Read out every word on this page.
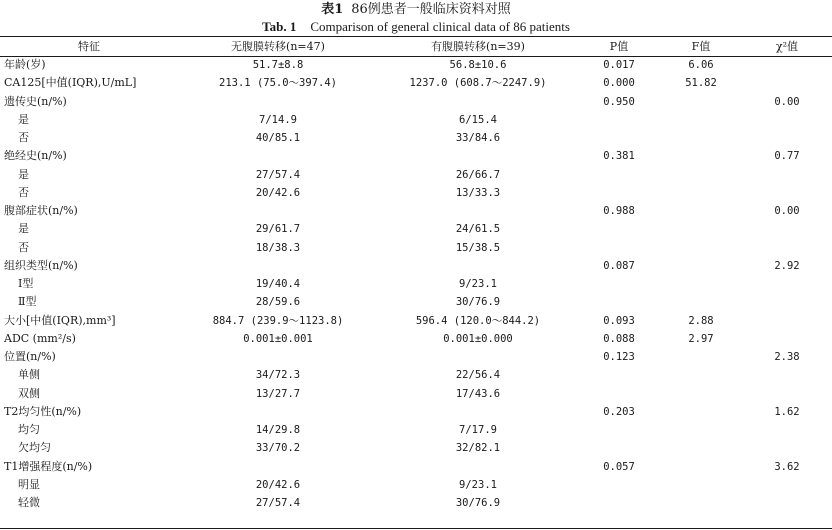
表1 86例患者一般临床资料对照
Tab. 1 Comparison of general clinical data of 86 patients
特征	无腹膜转移(n=47)	有腹膜转移(n=39)	P值	F值	χ²值
年龄(岁)	51.7±8.8	56.8±10.6	0.017	6.06	
CA125[中值(IQR),U/mL]	213.1 (75.0～397.4)	1237.0 (608.7～2247.9)	0.000	51.82	
遗传史(n/%)			0.950		0.00
是	7/14.9	6/15.4			
否	40/85.1	33/84.6			
绝经史(n/%)			0.381		0.77
是	27/57.4	26/66.7			
否	20/42.6	13/33.3			
腹部症状(n/%)			0.988		0.00
是	29/61.7	24/61.5			
否	18/38.3	15/38.5			
组织类型(n/%)			0.087		2.92
Ⅰ型	19/40.4	9/23.1			
Ⅱ型	28/59.6	30/76.9			
大小[中值(IQR),mm³]	884.7 (239.9～1123.8)	596.4 (120.0～844.2)	0.093	2.88	
ADC (mm²/s)	0.001±0.001	0.001±0.000	0.088	2.97	
位置(n/%)			0.123		2.38
单侧	34/72.3	22/56.4			
双侧	13/27.7	17/43.6			
T2均匀性(n/%)			0.203		1.62
均匀	14/29.8	7/17.9			
欠均匀	33/70.2	32/82.1			
T1增强程度(n/%)			0.057		3.62
明显	20/42.6	9/23.1			
轻微	27/57.4	30/76.9			
